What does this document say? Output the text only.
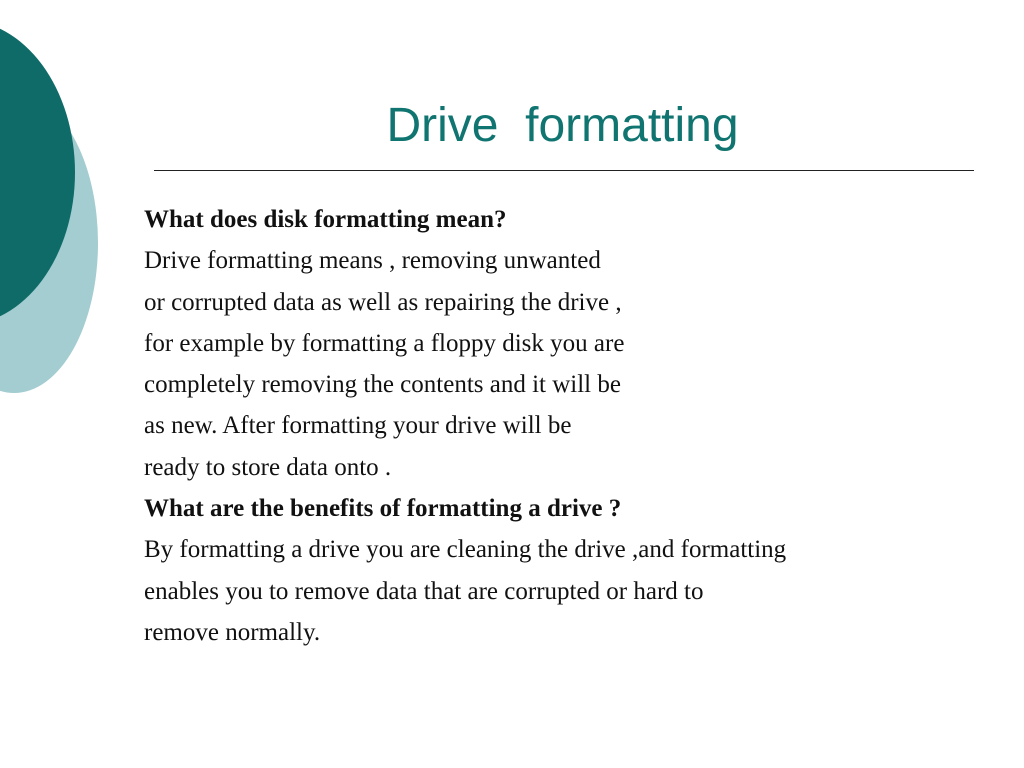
Drive  formatting
What does disk formatting mean?
Drive formatting means , removing unwanted
or corrupted data as well as repairing the drive ,
for example by formatting a floppy disk you are
completely removing the contents and it will be
as new. After formatting your drive will be
ready to store data onto .
What are the benefits of formatting a drive ?
By formatting a drive you are cleaning the drive ,and formatting
enables you to remove data that are corrupted or hard to
remove normally.
